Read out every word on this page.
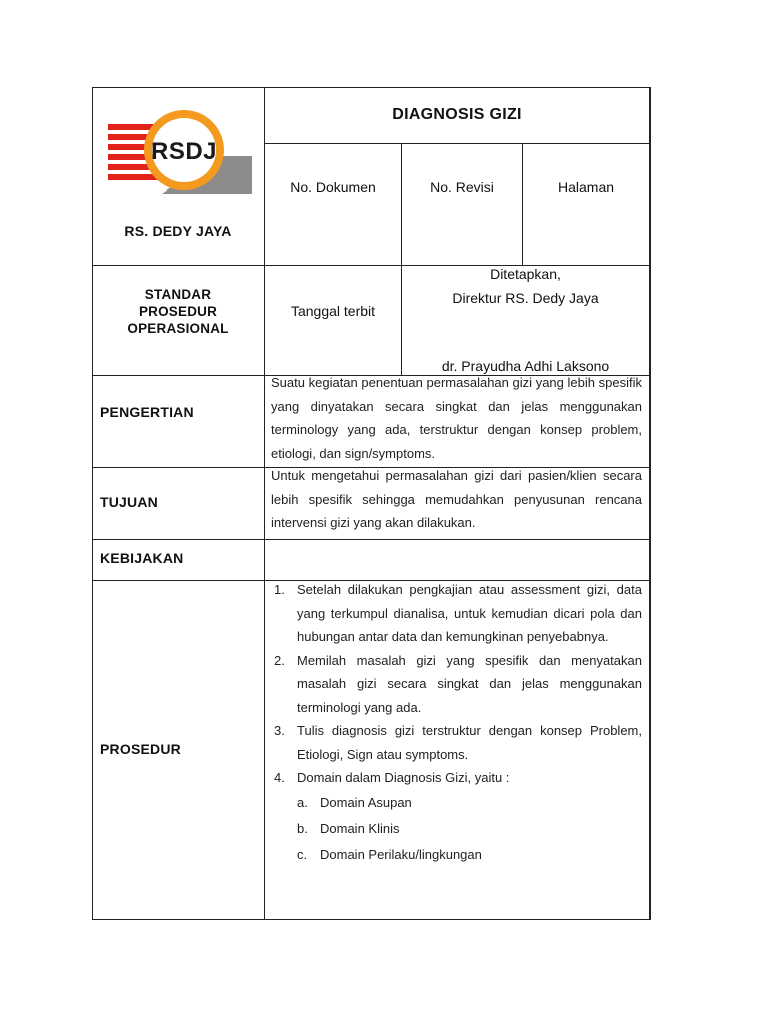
RSDJ
RS. DEDY JAYA
DIAGNOSIS GIZI
No. Dokumen	No. Revisi	Halaman
STANDAR
PROSEDUR
OPERASIONAL
Tanggal terbit
Ditetapkan,
Direktur RS. Dedy Jaya
dr. Prayudha Adhi Laksono
PENGERTIAN
TUJUAN
KEBIJAKAN
PROSEDUR
Suatu kegiatan penentuan permasalahan gizi yang lebih spesifik yang dinyatakan secara singkat dan jelas menggunakan terminology yang ada, terstruktur dengan konsep problem, etiologi, dan sign/symptoms.
Untuk mengetahui permasalahan gizi dari pasien/klien secara lebih spesifik sehingga memudahkan penyusunan rencana intervensi gizi yang akan dilakukan.
1. Setelah dilakukan pengkajian atau assessment gizi, data yang terkumpul dianalisa, untuk kemudian dicari pola dan hubungan antar data dan kemungkinan penyebabnya.
2. Memilah masalah gizi yang spesifik dan menyatakan masalah gizi secara singkat dan jelas menggunakan terminologi yang ada.
3. Tulis diagnosis gizi terstruktur dengan konsep Problem, Etiologi, Sign atau symptoms.
4. Domain dalam Diagnosis Gizi, yaitu :
a. Domain Asupan
b. Domain Klinis
c. Domain Perilaku/lingkungan
